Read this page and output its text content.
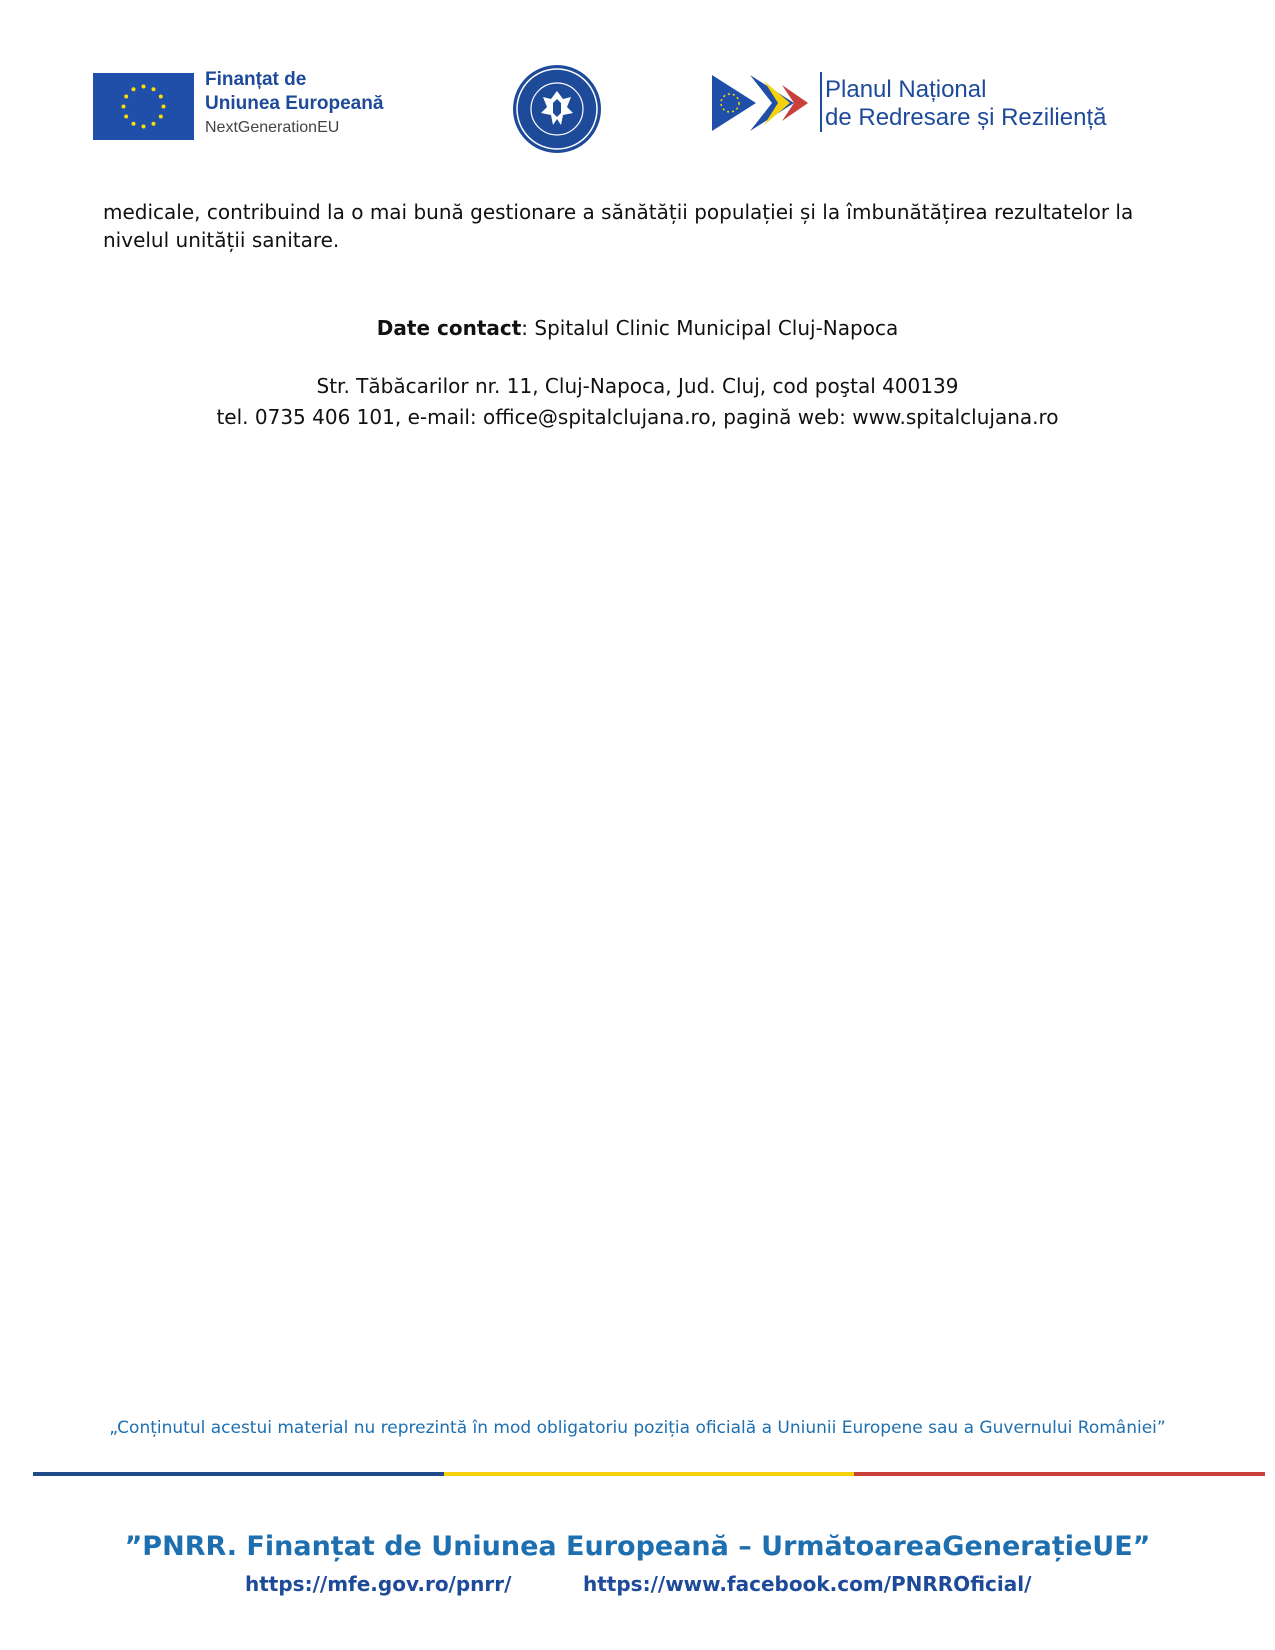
Finanțat de
Uniunea Europeană
NextGenerationEU
Planul Național
de Redresare și Reziliență
medicale, contribuind la o mai bună gestionare a sănătății populației și la îmbunătățirea rezultatelor la nivelul unității sanitare.
Date contact: Spitalul Clinic Municipal Cluj-Napoca
Str. Tăbăcarilor nr. 11, Cluj-Napoca, Jud. Cluj, cod poştal 400139
tel. 0735 406 101, e-mail: office@spitalclujana.ro, pagină web: www.spitalclujana.ro
„Conținutul acestui material nu reprezintă în mod obligatoriu poziția oficială a Uniunii Europene sau a Guvernului României”
”PNRR. Finanțat de Uniunea Europeană – UrmătoareaGenerațieUE”
https://mfe.gov.ro/pnrr/	https://www.facebook.com/PNRROficial/
